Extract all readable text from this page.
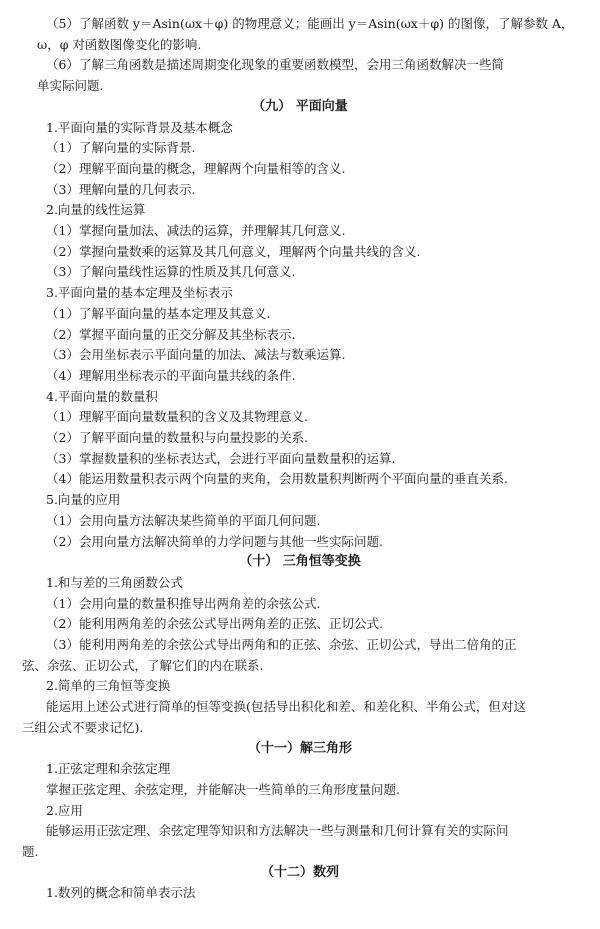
（5）了解函数 y＝Asin(ωx＋φ) 的物理意义；能画出 y＝Asin(ωx＋φ) 的图像，了解参数 A，
ω，φ 对函数图像变化的影响.
（6）了解三角函数是描述周期变化现象的重要函数模型，会用三角函数解决一些简
单实际问题.
（九） 平面向量
1.平面向量的实际背景及基本概念
（1）了解向量的实际背景.
（2）理解平面向量的概念，理解两个向量相等的含义.
（3）理解向量的几何表示.
2.向量的线性运算
（1）掌握向量加法、减法的运算，并理解其几何意义.
（2）掌握向量数乘的运算及其几何意义，理解两个向量共线的含义.
（3）了解向量线性运算的性质及其几何意义.
3.平面向量的基本定理及坐标表示
（1）了解平面向量的基本定理及其意义.
（2）掌握平面向量的正交分解及其坐标表示.
（3）会用坐标表示平面向量的加法、减法与数乘运算.
（4）理解用坐标表示的平面向量共线的条件.
4.平面向量的数量积
（1）理解平面向量数量积的含义及其物理意义.
（2）了解平面向量的数量积与向量投影的关系.
（3）掌握数量积的坐标表达式，会进行平面向量数量积的运算.
（4）能运用数量积表示两个向量的夹角，会用数量积判断两个平面向量的垂直关系.
5.向量的应用
（1）会用向量方法解决某些简单的平面几何问题.
（2）会用向量方法解决简单的力学问题与其他一些实际问题.
（十） 三角恒等变换
1.和与差的三角函数公式
（1）会用向量的数量积推导出两角差的余弦公式.
（2）能利用两角差的余弦公式导出两角差的正弦、正切公式.
（3）能利用两角差的余弦公式导出两角和的正弦、余弦、正切公式，导出二倍角的正
弦、余弦、正切公式，了解它们的内在联系.
2.简单的三角恒等变换
能运用上述公式进行简单的恒等变换(包括导出积化和差、和差化积、半角公式，但对这
三组公式不要求记忆).
（十一）解三角形
1.正弦定理和余弦定理
掌握正弦定理、余弦定理，并能解决一些简单的三角形度量问题.
2.应用
能够运用正弦定理、余弦定理等知识和方法解决一些与测量和几何计算有关的实际问
题.
（十二）数列
1.数列的概念和简单表示法
